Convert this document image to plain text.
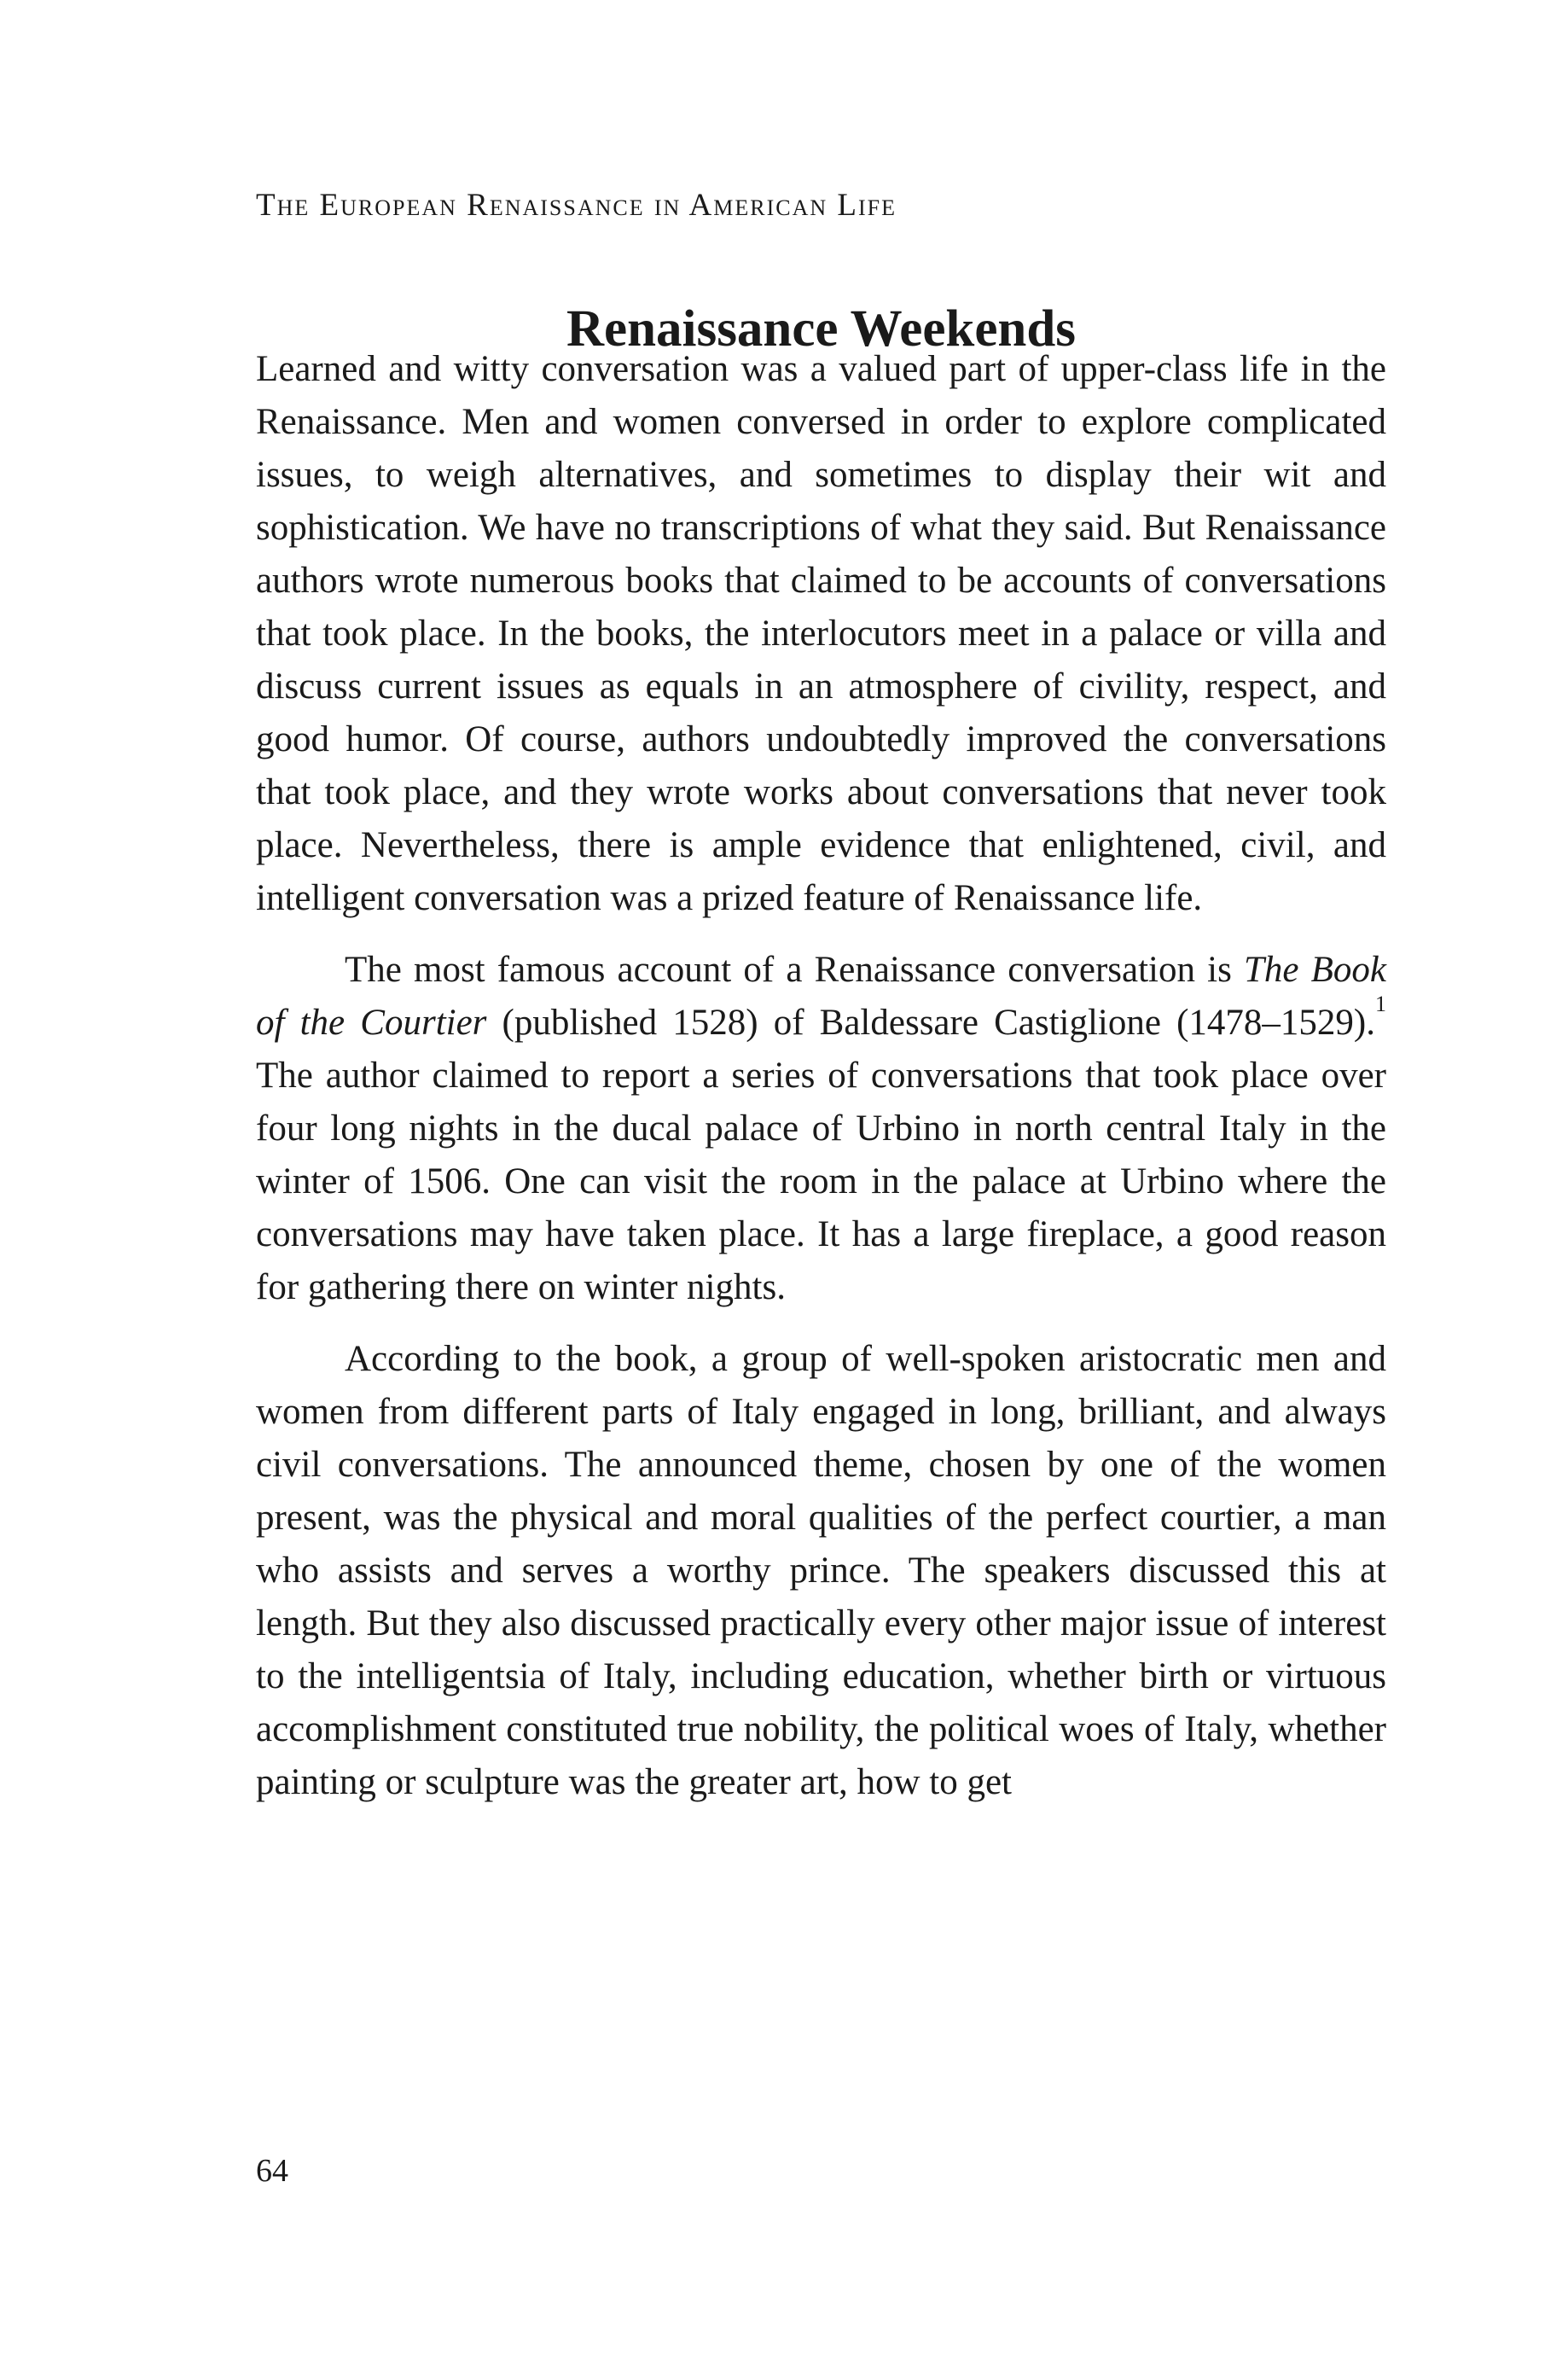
The European Renaissance in American Life
Renaissance Weekends

Learned and witty conversation was a valued part of upper-class life in the Renaissance. Men and women conversed in order to explore complicated issues, to weigh alternatives, and sometimes to display their wit and sophistication. We have no transcriptions of what they said. But Renaissance authors wrote numerous books that claimed to be accounts of conversations that took place. In the books, the interlocutors meet in a palace or villa and discuss current issues as equals in an atmosphere of civility, respect, and good humor. Of course, authors undoubtedly improved the conversations that took place, and they wrote works about conversations that never took place. Nevertheless, there is ample evidence that enlightened, civil, and intelligent conversation was a prized feature of Renaissance life.

The most famous account of a Renaissance conversation is The Book of the Courtier (published 1528) of Baldessare Castiglione (1478–1529).$^1$ The author claimed to report a series of conversations that took place over four long nights in the ducal palace of Urbino in north central Italy in the winter of 1506. One can visit the room in the palace at Urbino where the conversations may have taken place. It has a large fireplace, a good reason for gathering there on winter nights.

According to the book, a group of well-spoken aristocratic men and women from different parts of Italy engaged in long, brilliant, and always civil conversations. The announced theme, chosen by one of the women present, was the physical and moral qualities of the perfect courtier, a man who assists and serves a worthy prince. The speakers discussed this at length. But they also discussed practically every other major issue of interest to the intelligentsia of Italy, including education, whether birth or virtuous accomplishment constituted true nobility, the political woes of Italy, whether painting or sculpture was the greater art, how to get

64
